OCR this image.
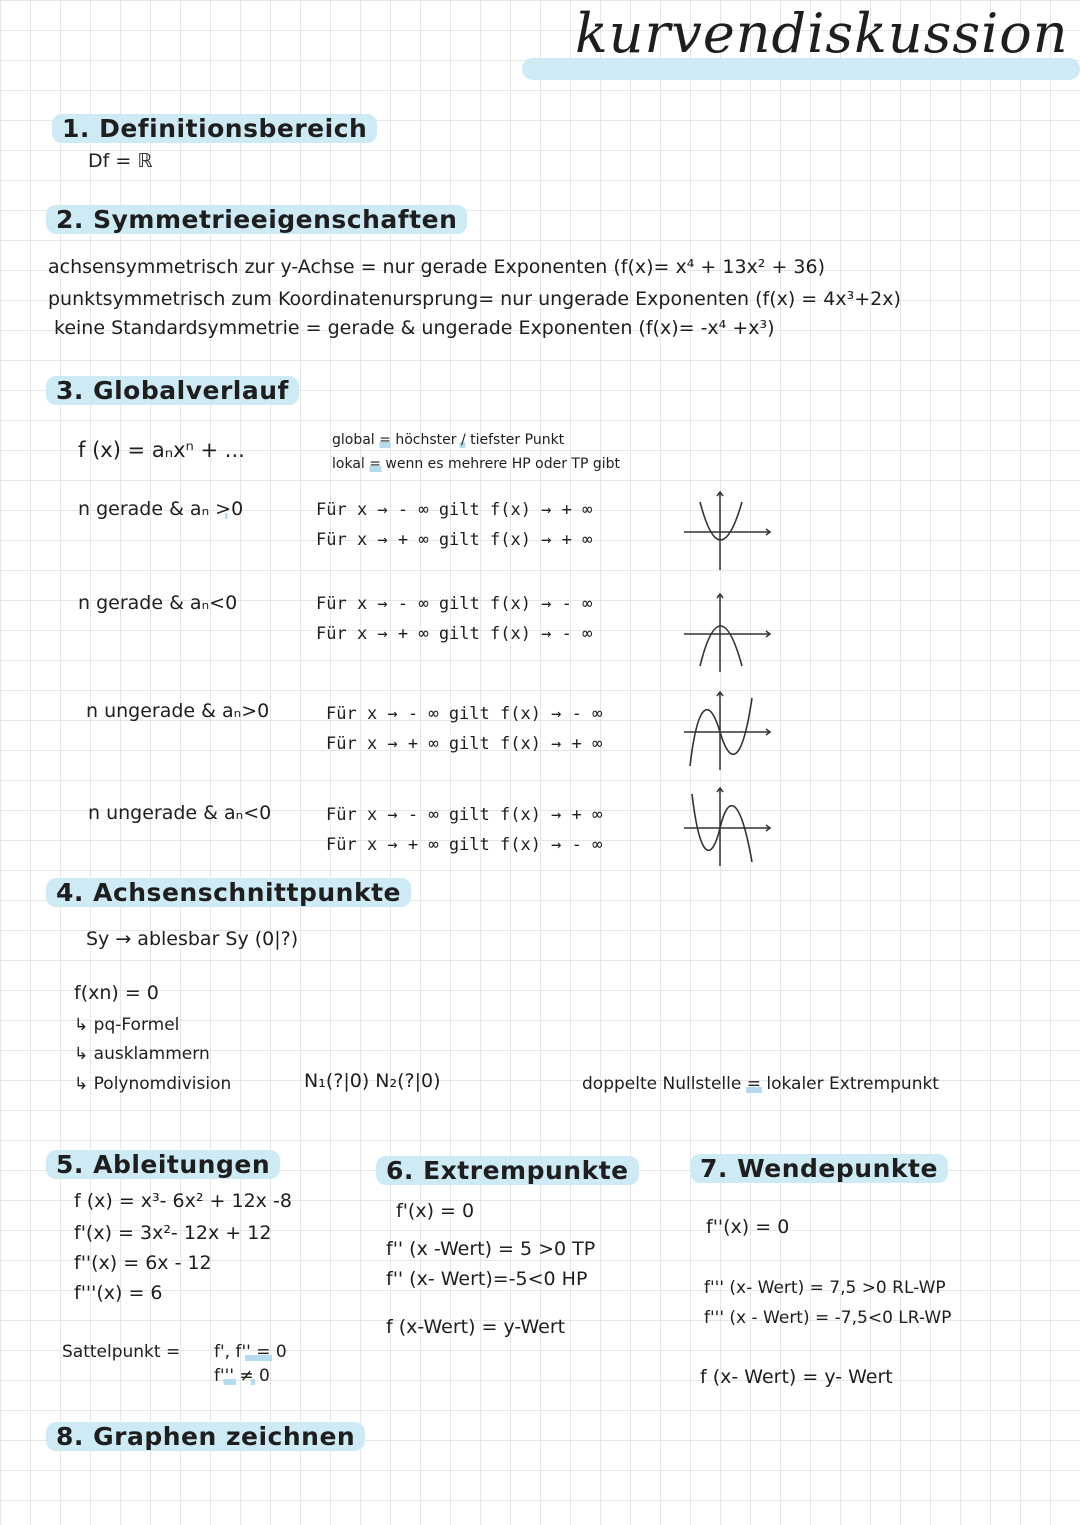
kurvendiskussion
1. Definitionsbereich
Df = ℝ
2. Symmetrieeigenschaften
achsensymmetrisch zur y-Achse = nur gerade Exponenten (f(x)= x⁴ + 13x² + 36)
punktsymmetrisch zum Koordinatenursprung= nur ungerade Exponenten (f(x) = 4x³+2x)
keine Standardsymmetrie = gerade & ungerade Exponenten (f(x)= -x⁴ +x³)
3. Globalverlauf
f (x) = aₙxⁿ + ...	global = höchster / tiefster Punkt
lokal = wenn es mehrere HP oder TP gibt
n gerade & aₙ >0	Für x → - ∞ gilt f(x) → + ∞
Für x → + ∞ gilt f(x) → + ∞
n gerade & aₙ<0	Für x → - ∞ gilt f(x) → - ∞
Für x → + ∞ gilt f(x) → - ∞
n ungerade & aₙ>0	Für x → - ∞ gilt f(x) → - ∞
Für x → + ∞ gilt f(x) → + ∞
n ungerade & aₙ<0	Für x → - ∞ gilt f(x) → + ∞
Für x → + ∞ gilt f(x) → - ∞
4. Achsenschnittpunkte
Sy → ablesbar Sy (0|?)
f(xn) = 0
↳ pq-Formel
↳ ausklammern
↳ Polynomdivision	N₁(?|0) N₂(?|0)	doppelte Nullstelle = lokaler Extrempunkt
5. Ableitungen
f (x) = x³- 6x² + 12x -8
f'(x) = 3x²- 12x + 12
f''(x) = 6x - 12
f'''(x) = 6
Sattelpunkt = f', f'' = 0
f''' ≠ 0
6. Extrempunkte
f'(x) = 0
f'' (x -Wert) = 5 >0 TP
f'' (x- Wert)=-5<0 HP
f (x-Wert) = y-Wert
7. Wendepunkte
f''(x) = 0
f''' (x- Wert) = 7,5 >0 RL-WP
f''' (x - Wert) = -7,5<0 LR-WP
f (x- Wert) = y- Wert
8. Graphen zeichnen
